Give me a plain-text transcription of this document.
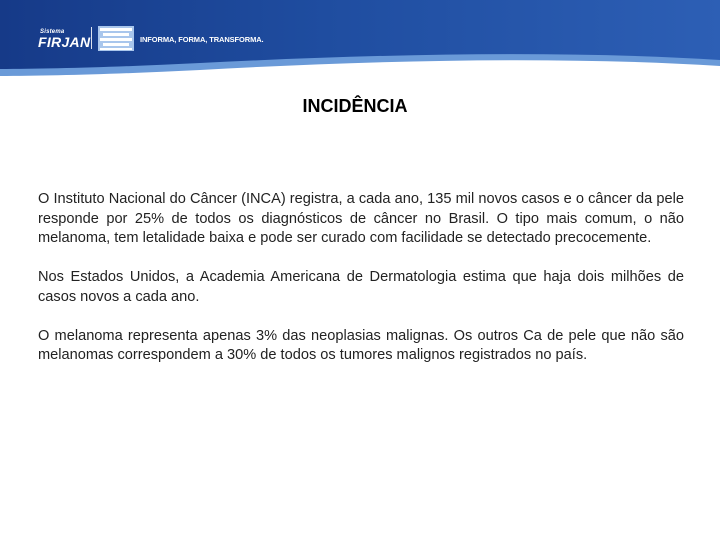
Sistema
FIRJAN	INFORMA, FORMA, TRANSFORMA.
INCIDÊNCIA

O Instituto Nacional do Câncer (INCA) registra, a cada ano, 135 mil novos casos e o câncer da pele responde por 25% de todos os diagnósticos de câncer no Brasil. O tipo mais comum, o não melanoma, tem letalidade baixa e pode ser curado com facilidade se detectado precocemente.

Nos Estados Unidos, a Academia Americana de Dermatologia estima que haja dois milhões de casos novos a cada ano.

O melanoma representa apenas 3% das neoplasias malignas. Os outros Ca de pele que não são melanomas correspondem a 30% de todos os tumores malignos registrados no país.
